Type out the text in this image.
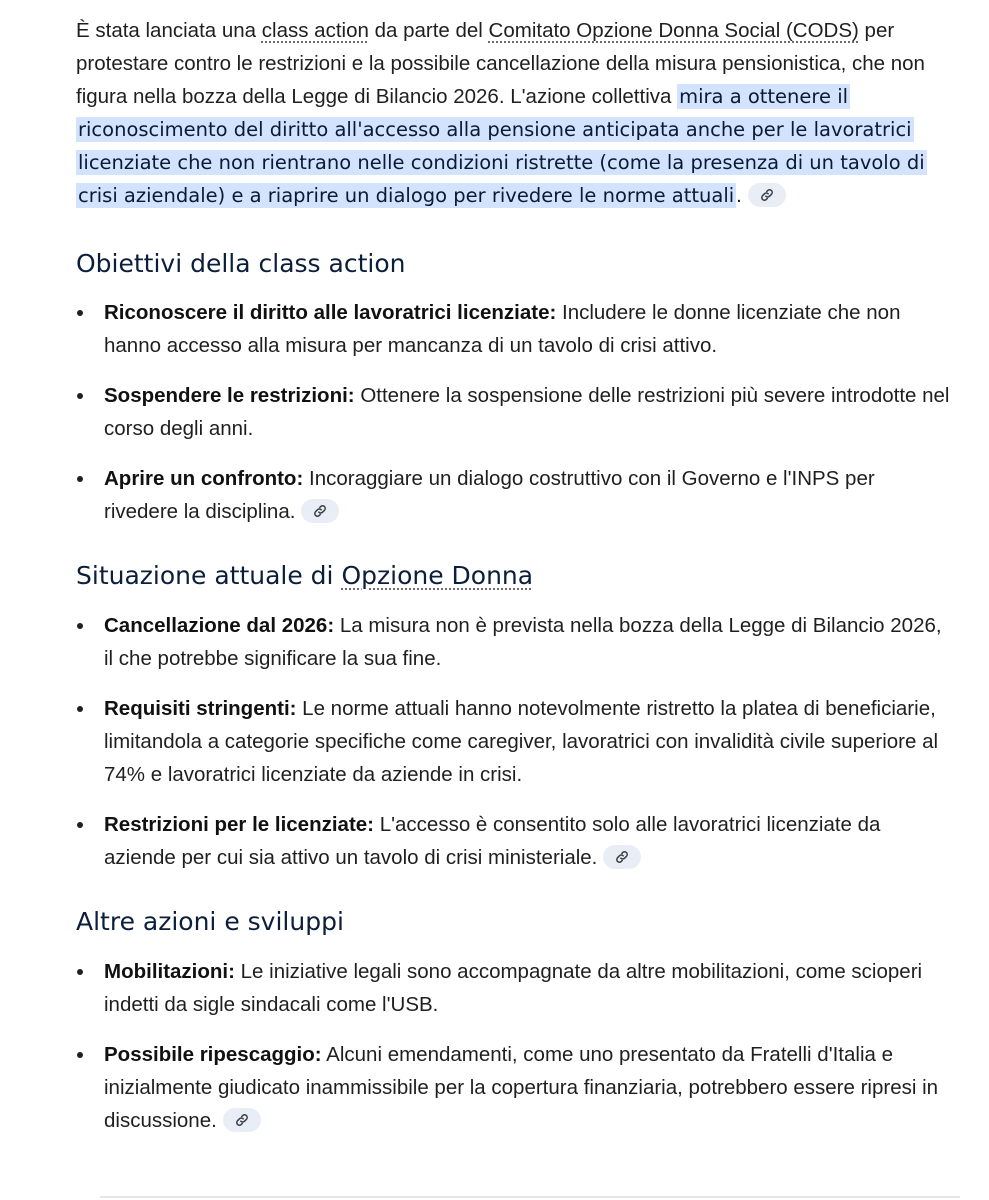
È stata lanciata una class action da parte del Comitato Opzione Donna Social (CODS) per protestare contro le restrizioni e la possibile cancellazione della misura pensionistica, che non figura nella bozza della Legge di Bilancio 2026. L'azione collettiva mira a ottenere il riconoscimento del diritto all'accesso alla pensione anticipata anche per le lavoratrici licenziate che non rientrano nelle condizioni ristrette (come la presenza di un tavolo di crisi aziendale) e a riaprire un dialogo per rivedere le norme attuali.

Obiettivi della class action
Riconoscere il diritto alle lavoratrici licenziate: Includere le donne licenziate che non hanno accesso alla misura per mancanza di un tavolo di crisi attivo.
Sospendere le restrizioni: Ottenere la sospensione delle restrizioni più severe introdotte nel corso degli anni.
Aprire un confronto: Incoraggiare un dialogo costruttivo con il Governo e l'INPS per rivedere la disciplina.
Situazione attuale di Opzione Donna
Cancellazione dal 2026: La misura non è prevista nella bozza della Legge di Bilancio 2026, il che potrebbe significare la sua fine.
Requisiti stringenti: Le norme attuali hanno notevolmente ristretto la platea di beneficiarie, limitandola a categorie specifiche come caregiver, lavoratrici con invalidità civile superiore al 74% e lavoratrici licenziate da aziende in crisi.
Restrizioni per le licenziate: L'accesso è consentito solo alle lavoratrici licenziate da aziende per cui sia attivo un tavolo di crisi ministeriale.
Altre azioni e sviluppi
Mobilitazioni: Le iniziative legali sono accompagnate da altre mobilitazioni, come scioperi indetti da sigle sindacali come l'USB.
Possibile ripescaggio: Alcuni emendamenti, come uno presentato da Fratelli d'Italia e inizialmente giudicato inammissibile per la copertura finanziaria, potrebbero essere ripresi in discussione.
